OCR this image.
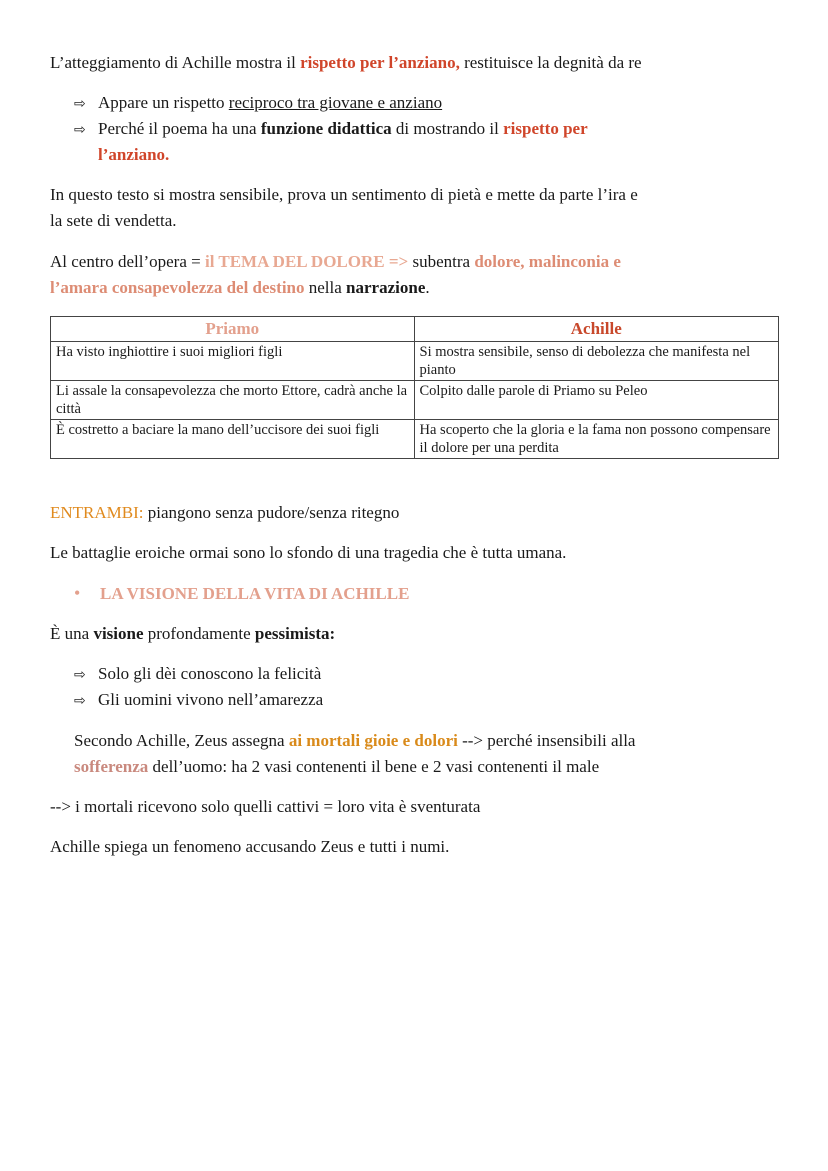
L’atteggiamento di Achille mostra il rispetto per l’anziano, restituisce la degnità da re

⇨ Appare un rispetto reciproco tra giovane e anziano
⇨ Perché il poema ha una funzione didattica di mostrando il rispetto per
l’anziano.

In questo testo si mostra sensibile, prova un sentimento di pietà e mette da parte l’ira e

la sete di vendetta.

Al centro dell’opera = il TEMA DEL DOLORE => subentra dolore, malinconia e

l’amara consapevolezza del destino nella narrazione.

Priamo	Achille
Ha visto inghiottire i suoi migliori figli	Si mostra sensibile, senso di debolezza che manifesta nel pianto
Li assale la consapevolezza che morto Ettore, cadrà anche la città	Colpito dalle parole di Priamo su Peleo
È costretto a baciare la mano dell’uccisore dei suoi figli	Ha scoperto che la gloria e la fama non possono compensare il dolore per una perdita

ENTRAMBI: piangono senza pudore/senza ritegno

Le battaglie eroiche ormai sono lo sfondo di una tragedia che è tutta umana.

• LA VISIONE DELLA VITA DI ACHILLE

È una visione profondamente pessimista:

⇨ Solo gli dèi conoscono la felicità
⇨ Gli uomini vivono nell’amarezza

Secondo Achille, Zeus assegna ai mortali gioie e dolori --> perché insensibili alla

sofferenza dell’uomo: ha 2 vasi contenenti il bene e 2 vasi contenenti il male

--> i mortali ricevono solo quelli cattivi = loro vita è sventurata

Achille spiega un fenomeno accusando Zeus e tutti i numi.
